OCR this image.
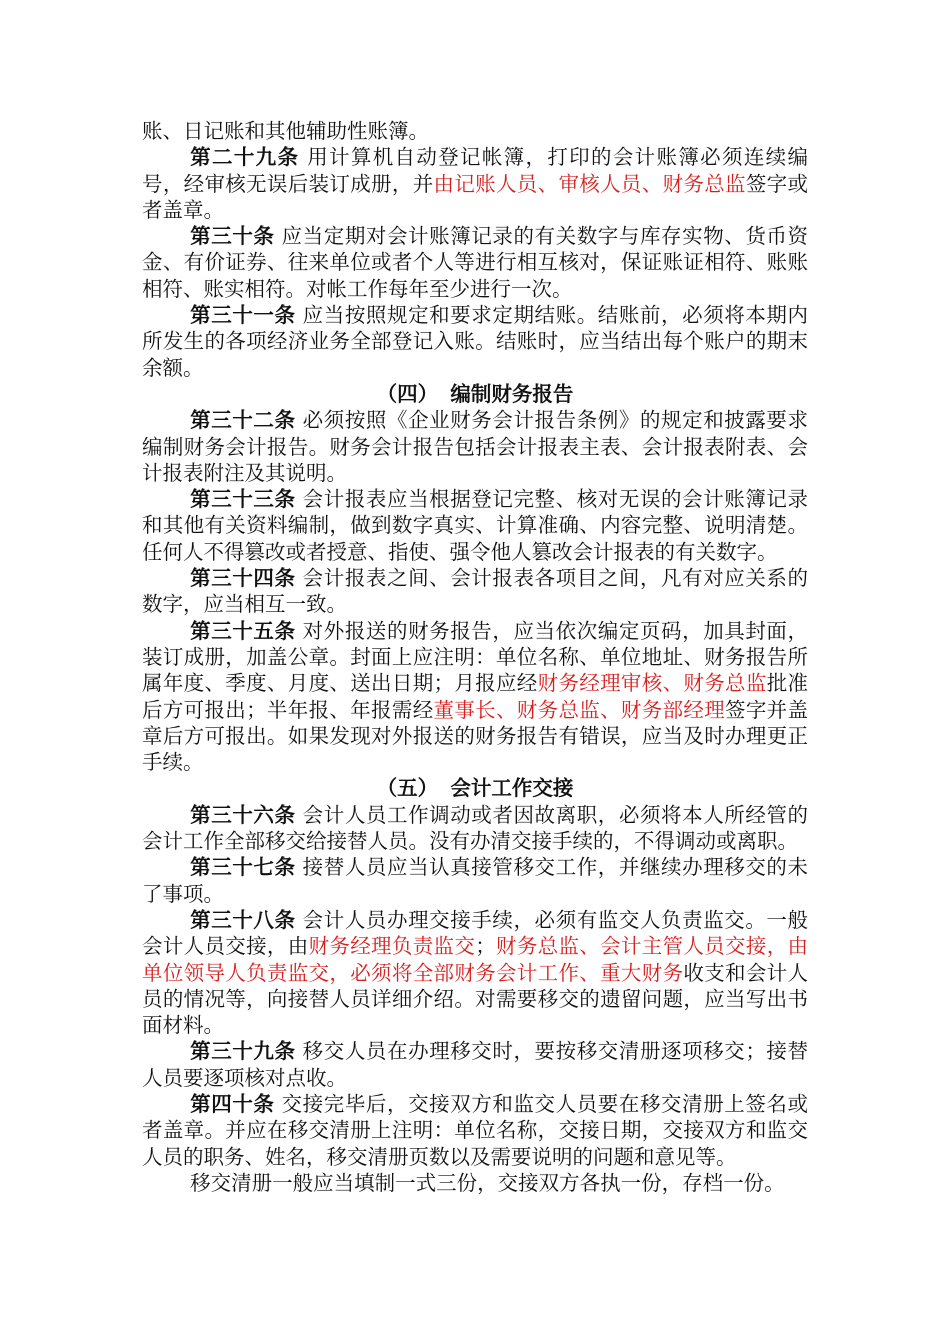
账、日记账和其他辅助性账簿。

第二十九条 用计算机自动登记帐簿，打印的会计账簿必须连续编号，经审核无误后装订成册，并由记账人员、审核人员、财务总监签字或者盖章。

第三十条 应当定期对会计账簿记录的有关数字与库存实物、货币资金、有价证券、往来单位或者个人等进行相互核对，保证账证相符、账账相符、账实相符。对帐工作每年至少进行一次。

第三十一条 应当按照规定和要求定期结账。结账前，必须将本期内所发生的各项经济业务全部登记入账。结账时，应当结出每个账户的期末余额。

（四） 编制财务报告

第三十二条 必须按照《企业财务会计报告条例》的规定和披露要求编制财务会计报告。财务会计报告包括会计报表主表、会计报表附表、会计报表附注及其说明。

第三十三条 会计报表应当根据登记完整、核对无误的会计账簿记录和其他有关资料编制，做到数字真实、计算准确、内容完整、说明清楚。任何人不得篡改或者授意、指使、强令他人篡改会计报表的有关数字。

第三十四条 会计报表之间、会计报表各项目之间，凡有对应关系的数字，应当相互一致。

第三十五条 对外报送的财务报告，应当依次编定页码，加具封面，装订成册，加盖公章。封面上应注明：单位名称、单位地址、财务报告所属年度、季度、月度、送出日期；月报应经财务经理审核、财务总监批准后方可报出；半年报、年报需经董事长、财务总监、财务部经理签字并盖章后方可报出。如果发现对外报送的财务报告有错误，应当及时办理更正手续。

（五） 会计工作交接

第三十六条 会计人员工作调动或者因故离职，必须将本人所经管的会计工作全部移交给接替人员。没有办清交接手续的，不得调动或离职。

第三十七条 接替人员应当认真接管移交工作，并继续办理移交的未了事项。

第三十八条 会计人员办理交接手续，必须有监交人负责监交。一般会计人员交接，由财务经理负责监交；财务总监、会计主管人员交接，由单位领导人负责监交，必须将全部财务会计工作、重大财务收支和会计人员的情况等，向接替人员详细介绍。对需要移交的遗留问题，应当写出书面材料。

第三十九条 移交人员在办理移交时，要按移交清册逐项移交；接替人员要逐项核对点收。

第四十条 交接完毕后，交接双方和监交人员要在移交清册上签名或者盖章。并应在移交清册上注明：单位名称，交接日期，交接双方和监交人员的职务、姓名，移交清册页数以及需要说明的问题和意见等。

移交清册一般应当填制一式三份，交接双方各执一份，存档一份。
